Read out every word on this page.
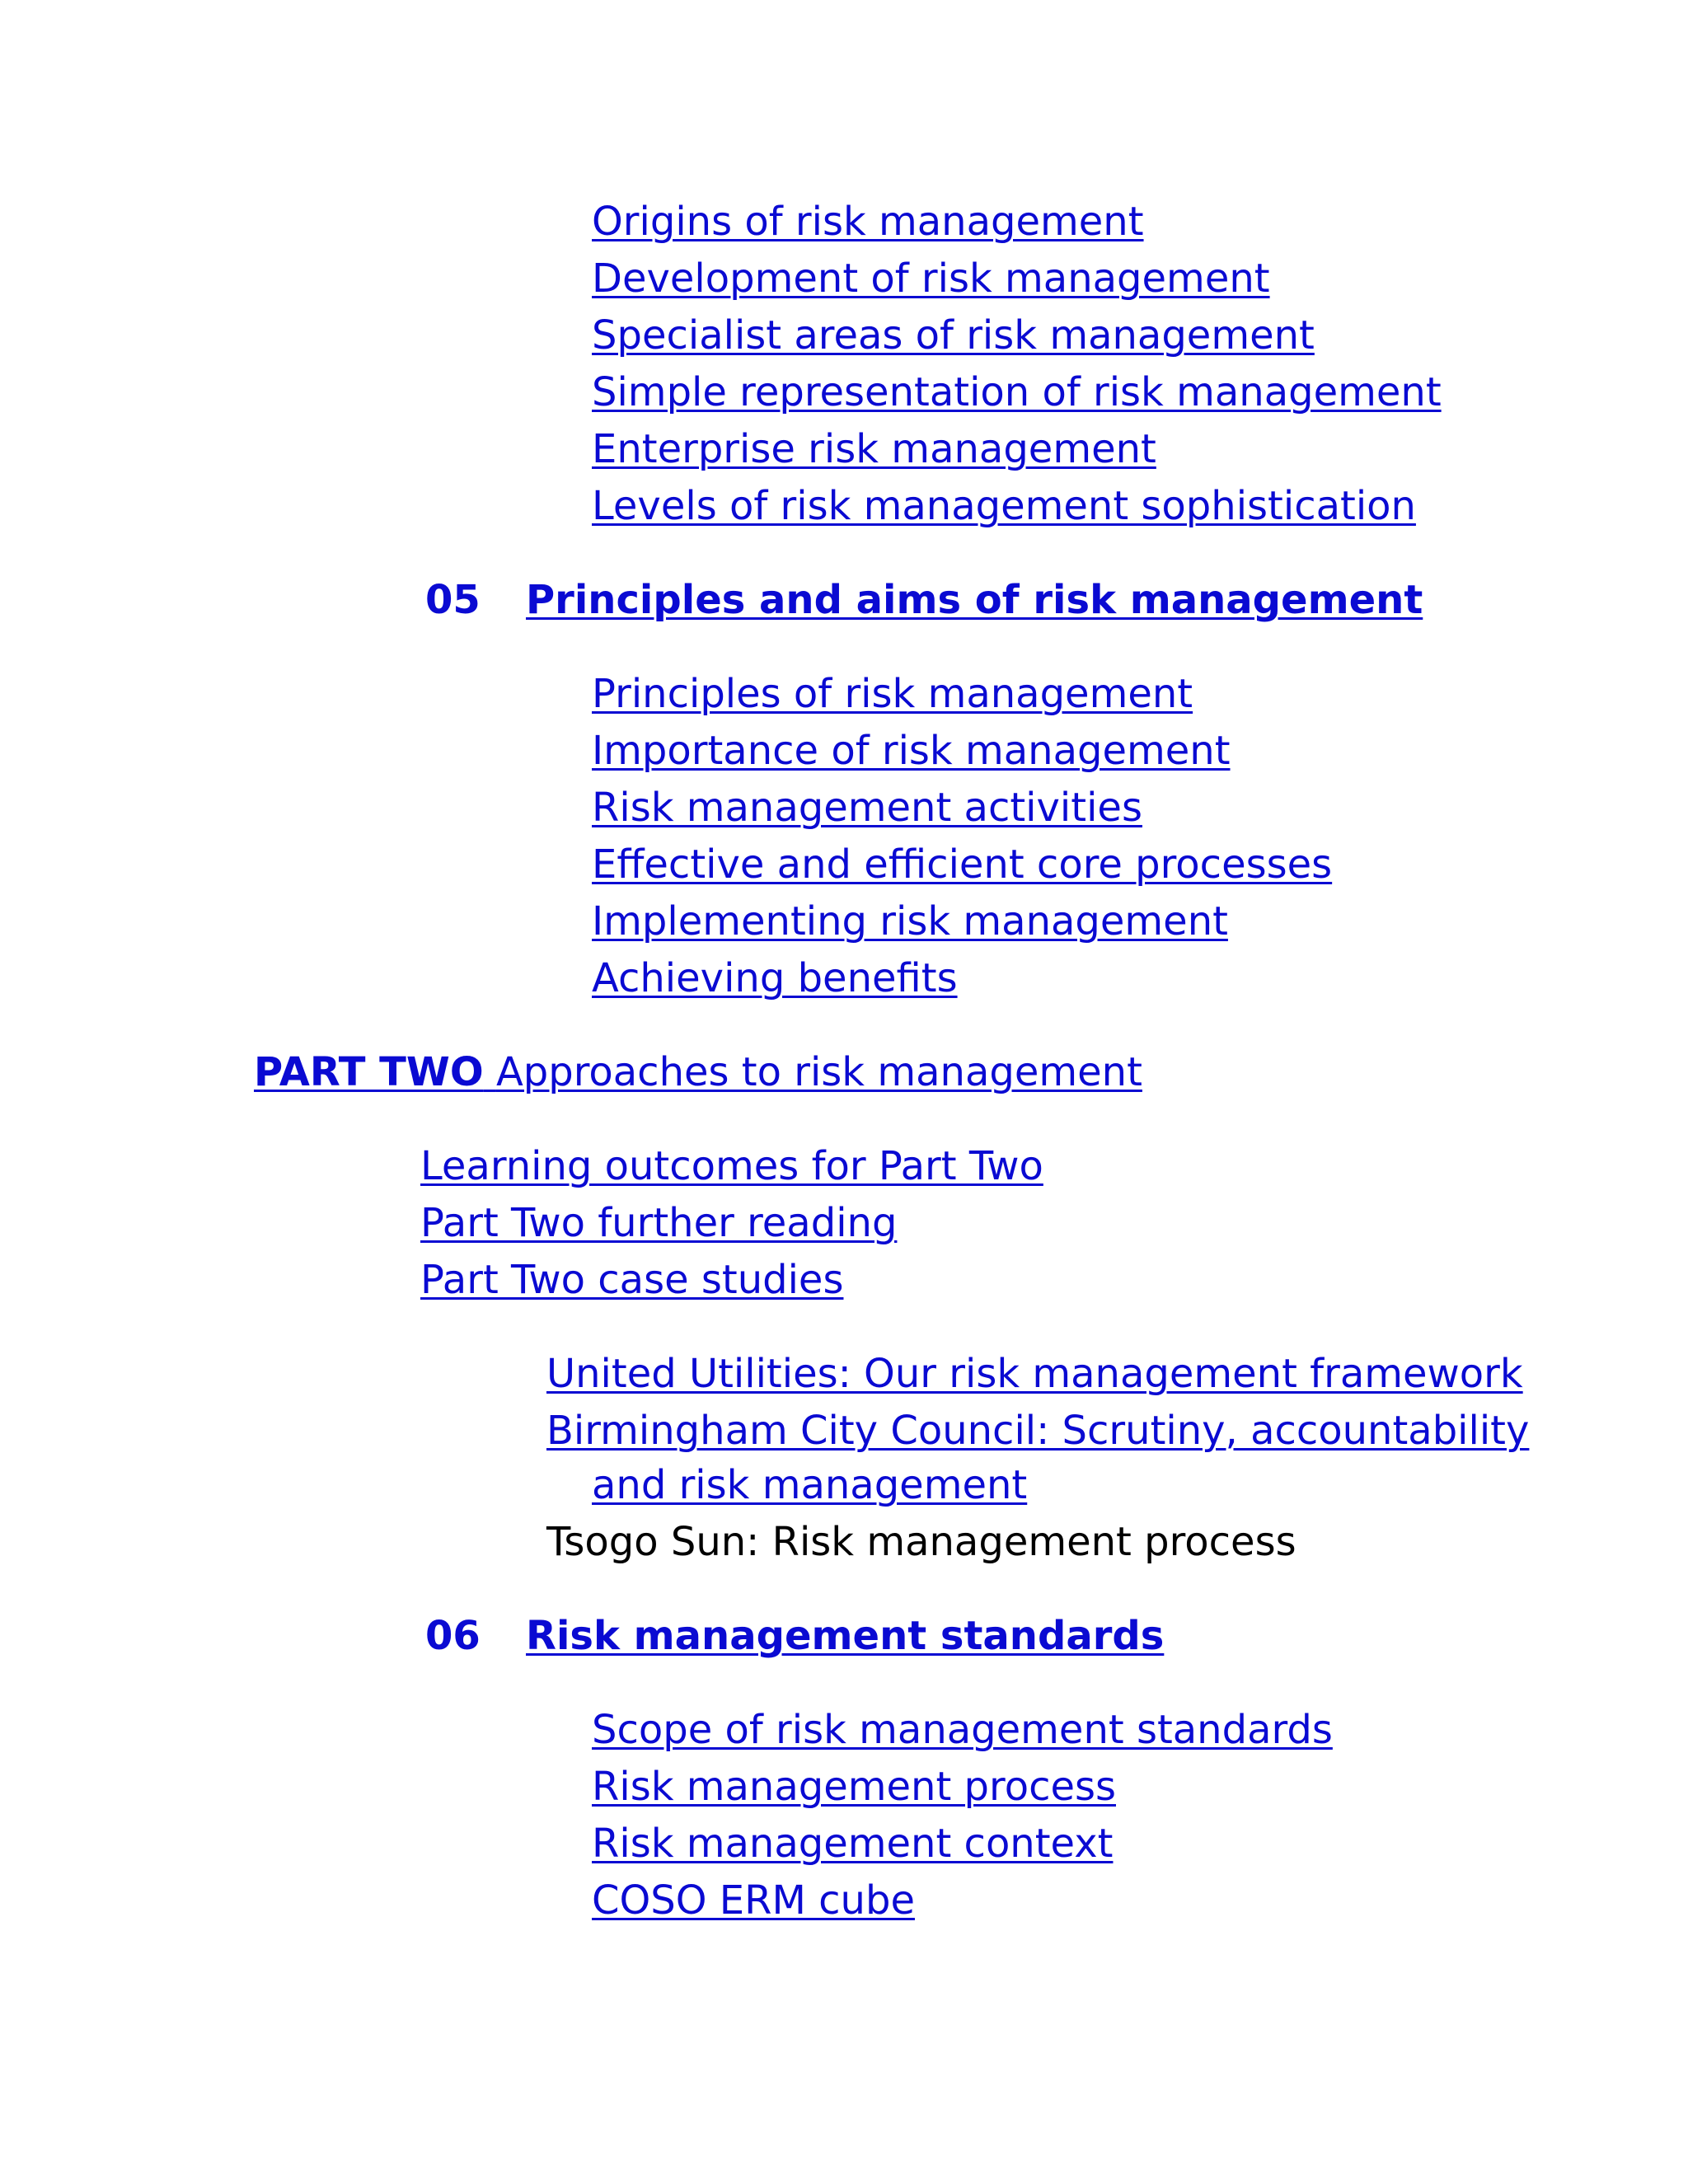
Origins of risk management
Development of risk management
Specialist areas of risk management
Simple representation of risk management
Enterprise risk management
Levels of risk management sophistication
05 Principles and aims of risk management
Principles of risk management
Importance of risk management
Risk management activities
Effective and efficient core processes
Implementing risk management
Achieving benefits
PART TWO Approaches to risk management
Learning outcomes for Part Two
Part Two further reading
Part Two case studies
United Utilities: Our risk management framework
Birmingham City Council: Scrutiny, accountability
and risk management
Tsogo Sun: Risk management process
06 Risk management standards
Scope of risk management standards
Risk management process
Risk management context
COSO ERM cube
